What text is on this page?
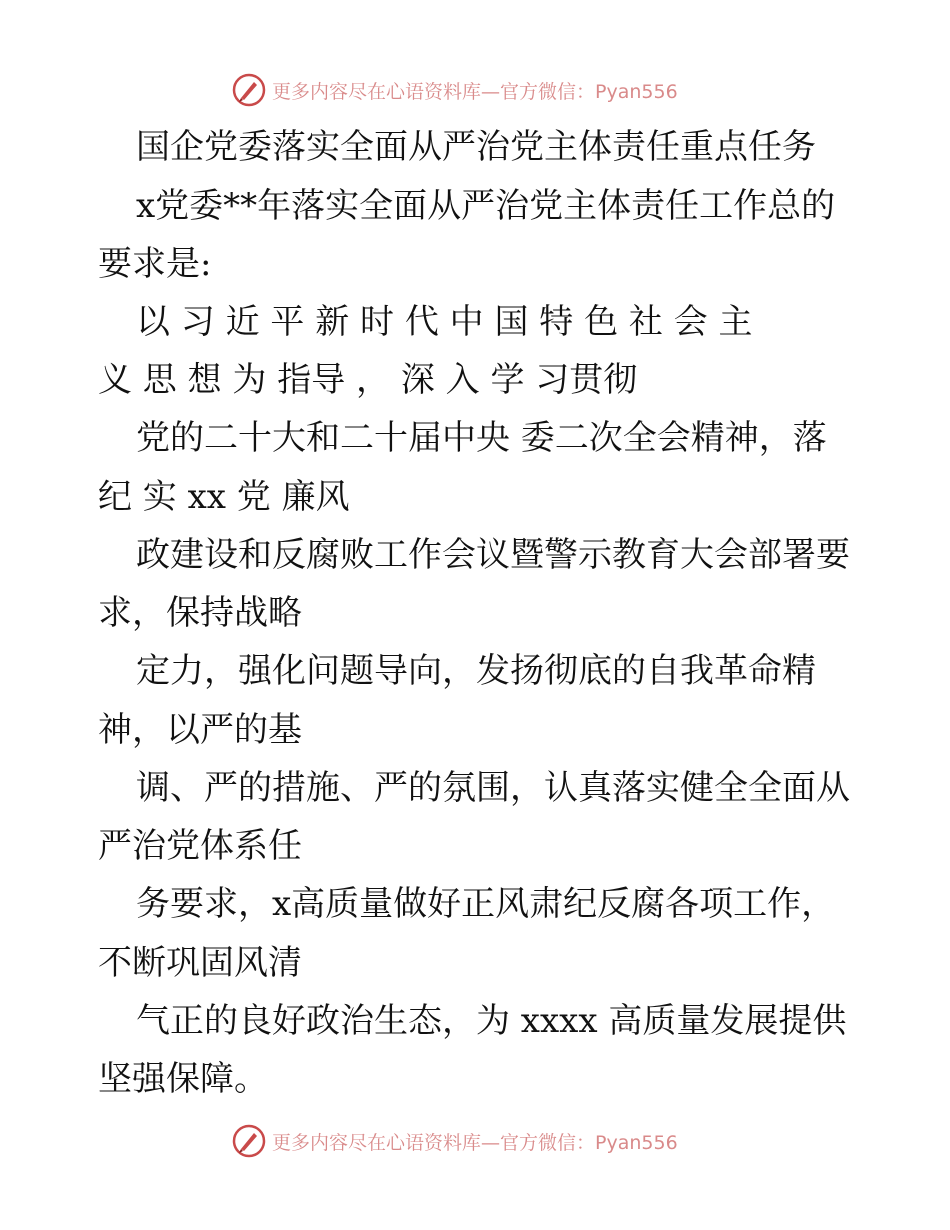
更多内容尽在心语资料库—官方微信：Pyan556
国企党委落实全面从严治党主体责任重点任务
x党委**年落实全面从严治党主体责任工作总的
要求是:
以 习 近 平 新 时 代 中 国 特 色 社 会 主
义 思 想 为 指导 ， 深 入 学 习贯彻
党的二十大和二十届中央 委二次全会精神，落
纪 实 xx 党 廉风
政建设和反腐败工作会议暨警示教育大会部署要
求，保持战略
定力，强化问题导向，发扬彻底的自我革命精
神，以严的基
调、严的措施、严的氛围，认真落实健全全面从
严治党体系任
务要求，x高质量做好正风肃纪反腐各项工作，
不断巩固风清
气正的良好政治生态，为 xxxx 高质量发展提供
坚强保障。
更多内容尽在心语资料库—官方微信：Pyan556
